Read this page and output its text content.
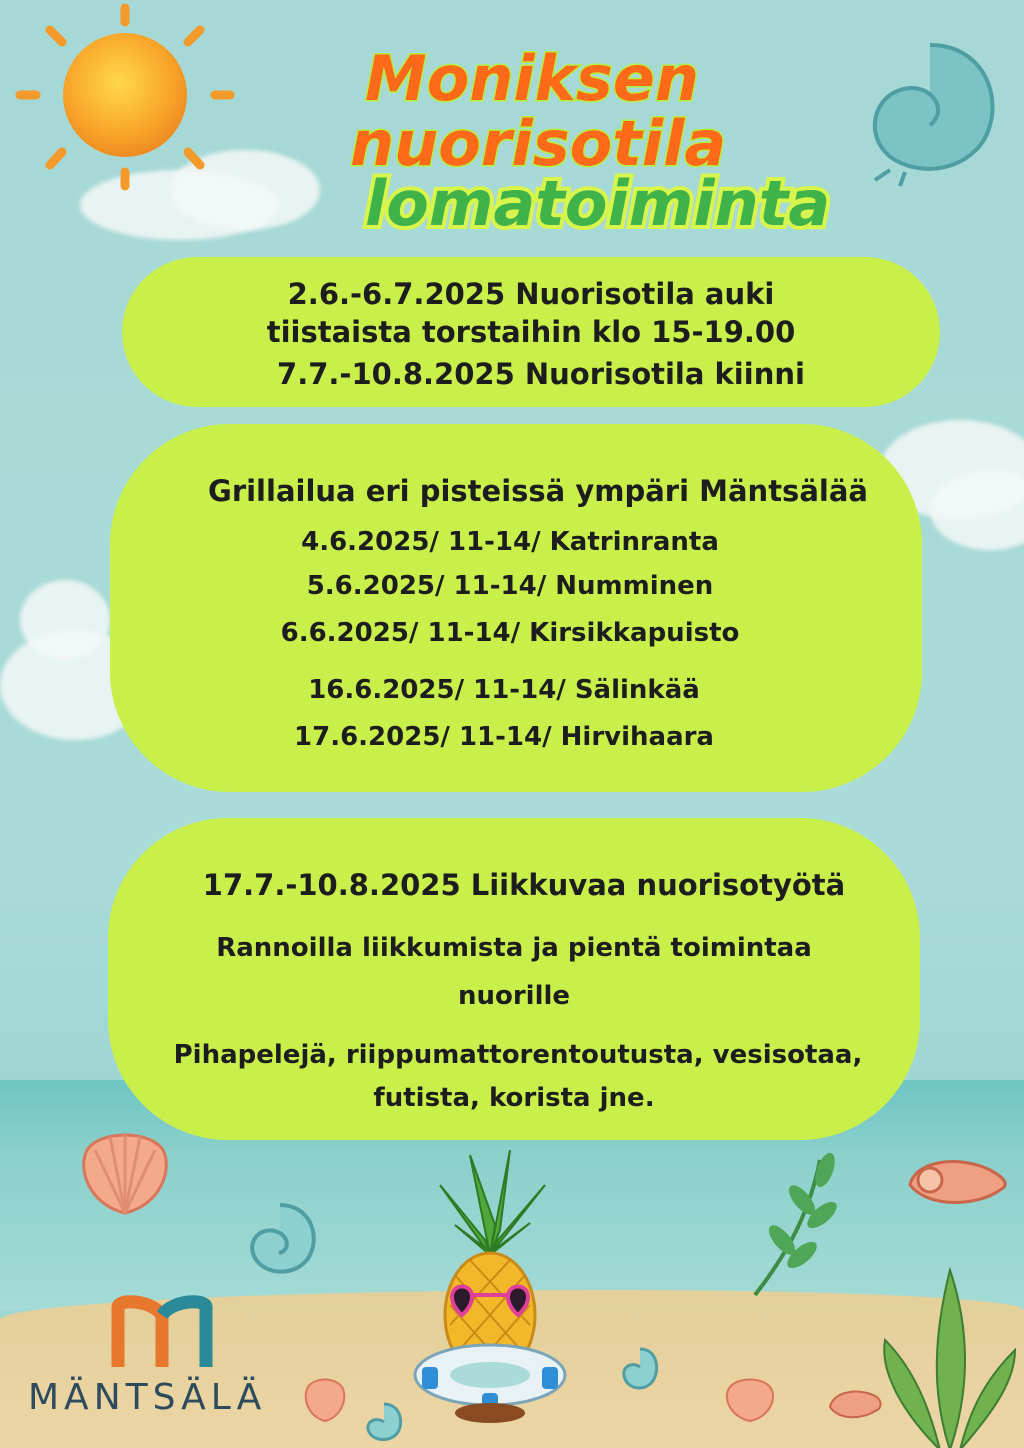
Moniksen
nuorisotila
lomatoiminta
2.6.-6.7.2025 Nuorisotila auki
tiistaista torstaihin klo 15-19.00
7.7.-10.8.2025 Nuorisotila kiinni
Grillailua eri pisteissä ympäri Mäntsälää
4.6.2025/ 11-14/ Katrinranta
5.6.2025/ 11-14/ Numminen
6.6.2025/ 11-14/ Kirsikkapuisto
16.6.2025/ 11-14/ Sälinkää
17.6.2025/ 11-14/ Hirvihaara
17.7.-10.8.2025 Liikkuvaa nuorisotyötä
Rannoilla liikkumista ja pientä toimintaa
nuorille
Pihapelejä, riippumattorentoutusta, vesisotaa,
futista, korista jne.
MÄNTSÄLÄ
